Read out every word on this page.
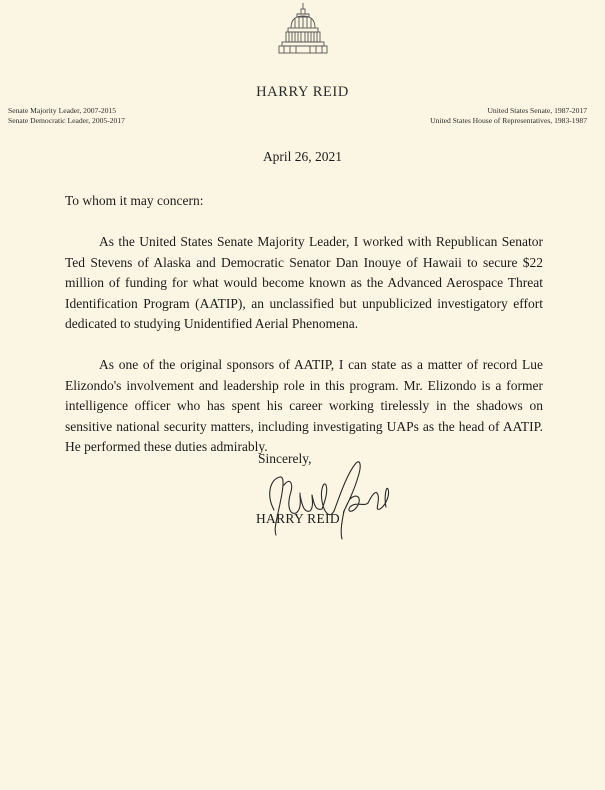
HARRY REID
Senate Majority Leader, 2007-2015
Senate Democratic Leader, 2005-2017
United States Senate, 1987-2017
United States House of Representatives, 1983-1987
April 26, 2021
To whom it may concern:

As the United States Senate Majority Leader, I worked with Republican Senator Ted Stevens of Alaska and Democratic Senator Dan Inouye of Hawaii to secure $22 million of funding for what would become known as the Advanced Aerospace Threat Identification Program (AATIP), an unclassified but unpublicized investigatory effort dedicated to studying Unidentified Aerial Phenomena.

As one of the original sponsors of AATIP, I can state as a matter of record Lue Elizondo's involvement and leadership role in this program. Mr. Elizondo is a former intelligence officer who has spent his career working tirelessly in the shadows on sensitive national security matters, including investigating UAPs as the head of AATIP. He performed these duties admirably.

Sincerely,
HARRY REID
